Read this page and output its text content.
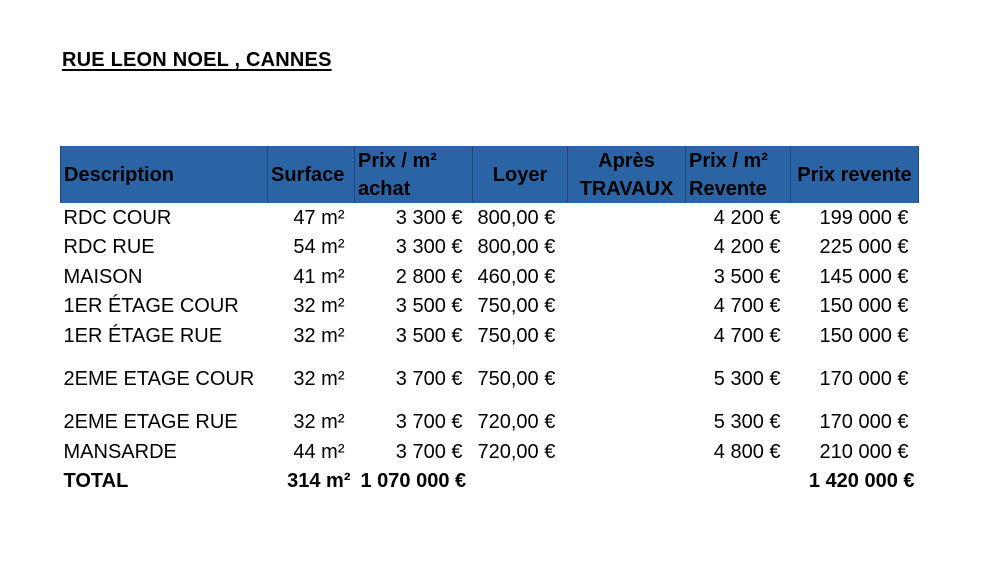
RUE LEON NOEL , CANNES
Description	Surface	Prix / m² achat	Loyer	Après TRAVAUX	Prix / m² Revente	Prix revente
RDC COUR	47 m²	3 300 €	800,00 €		4 200 €	199 000 €
RDC RUE	54 m²	3 300 €	800,00 €		4 200 €	225 000 €
MAISON	41 m²	2 800 €	460,00 €		3 500 €	145 000 €
1ER ÉTAGE COUR	32 m²	3 500 €	750,00 €		4 700 €	150 000 €
1ER ÉTAGE RUE	32 m²	3 500 €	750,00 €		4 700 €	150 000 €
2EME ETAGE COUR	32 m²	3 700 €	750,00 €		5 300 €	170 000 €
2EME ETAGE RUE	32 m²	3 700 €	720,00 €		5 300 €	170 000 €
MANSARDE	44 m²	3 700 €	720,00 €		4 800 €	210 000 €
TOTAL	314 m²	1 070 000 €				1 420 000 €
